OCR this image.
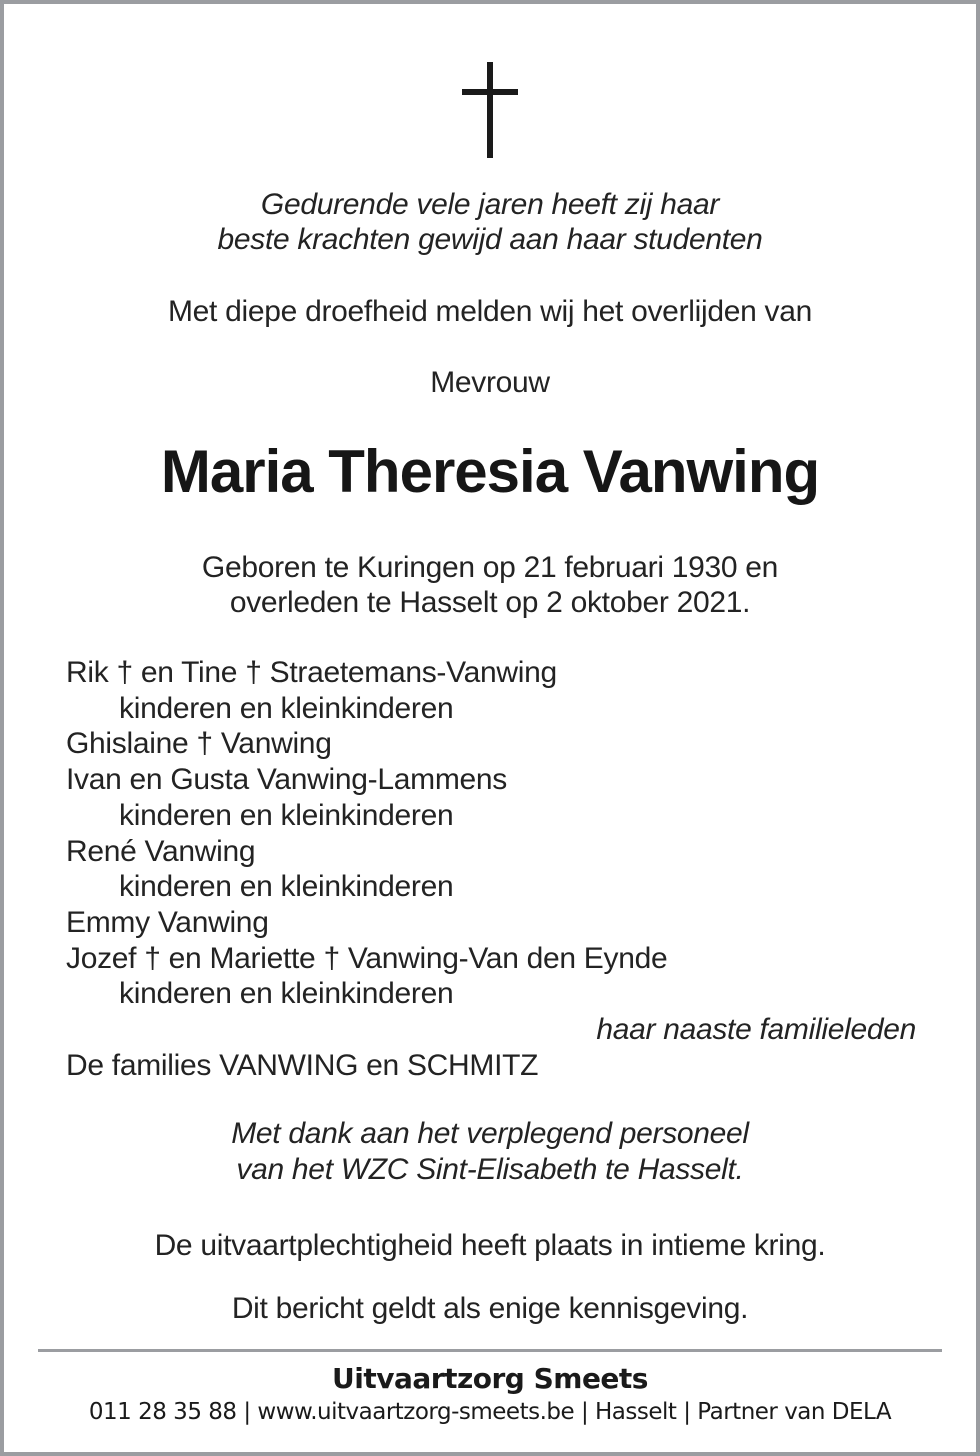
Gedurende vele jaren heeft zij haar
beste krachten gewijd aan haar studenten
Met diepe droefheid melden wij het overlijden van
Mevrouw
Maria Theresia Vanwing
Geboren te Kuringen op 21 februari 1930 en
overleden te Hasselt op 2 oktober 2021.
Rik † en Tine † Straetemans-Vanwing
kinderen en kleinkinderen
Ghislaine † Vanwing
Ivan en Gusta Vanwing-Lammens
kinderen en kleinkinderen
René Vanwing
kinderen en kleinkinderen
Emmy Vanwing
Jozef † en Mariette † Vanwing-Van den Eynde
kinderen en kleinkinderen
haar naaste familieleden
De families VANWING en SCHMITZ
Met dank aan het verplegend personeel
van het WZC Sint-Elisabeth te Hasselt.
De uitvaartplechtigheid heeft plaats in intieme kring.
Dit bericht geldt als enige kennisgeving.
Uitvaartzorg Smeets
011 28 35 88 | www.uitvaartzorg-smeets.be | Hasselt | Partner van DELA
